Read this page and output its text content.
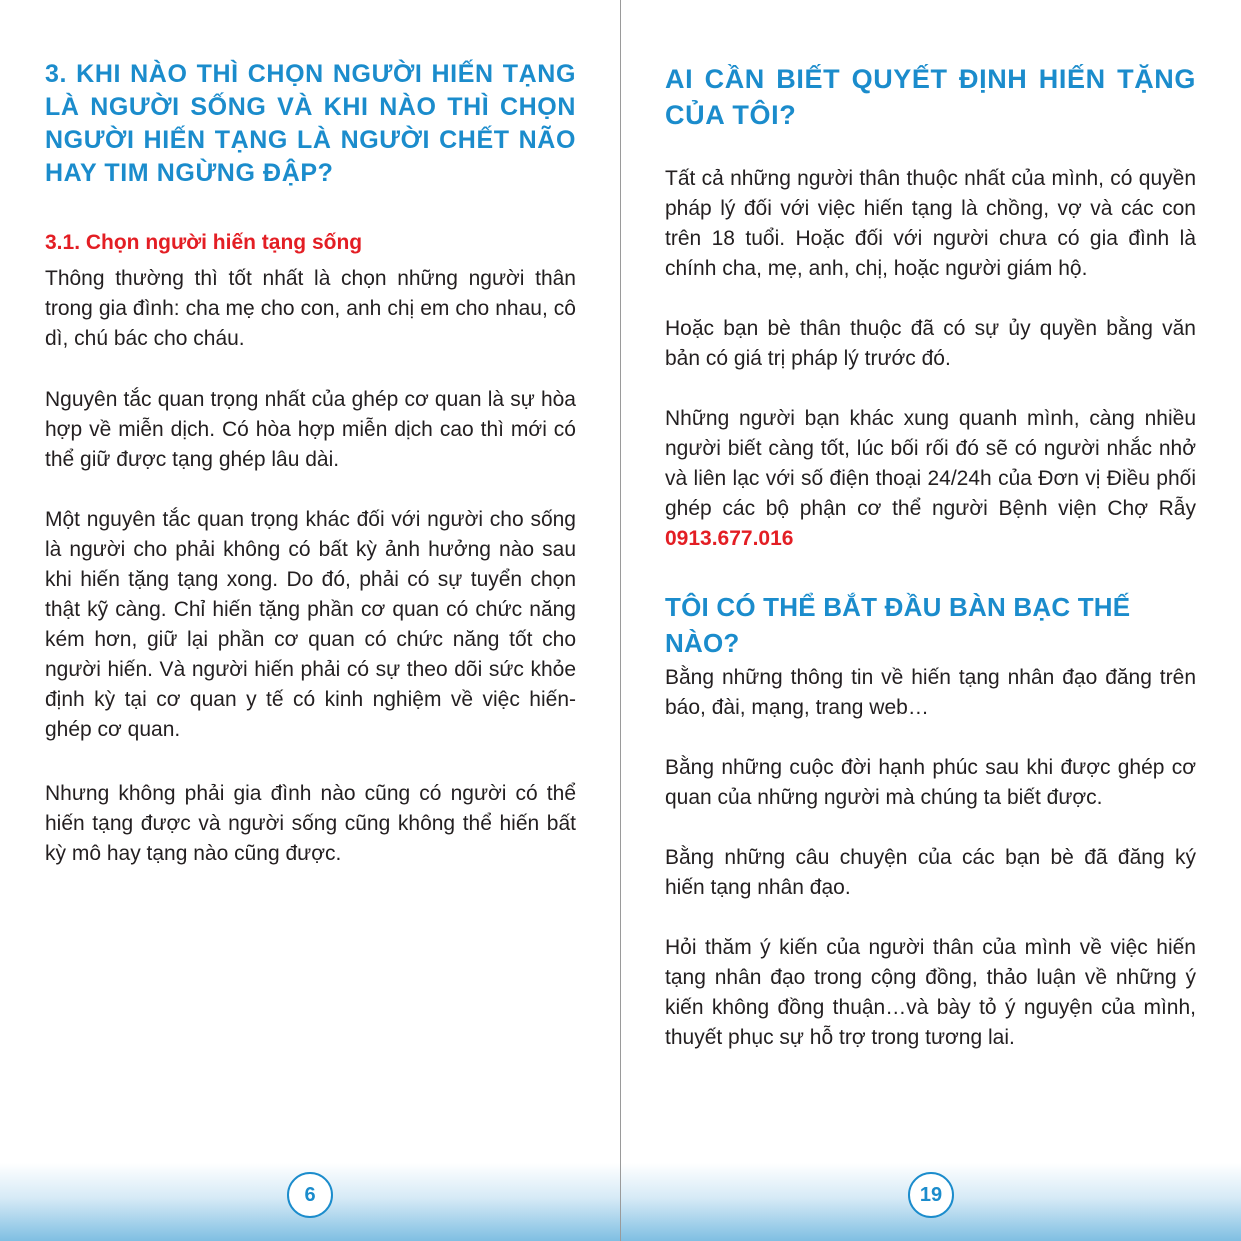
3. KHI NÀO THÌ CHỌN NGƯỜI HIẾN TẠNG LÀ NGƯỜI SỐNG VÀ KHI NÀO THÌ CHỌN NGƯỜI HIẾN TẠNG LÀ NGƯỜI CHẾT NÃO HAY TIM NGỪNG ĐẬP?
3.1. Chọn người hiến tạng sống

Thông thường thì tốt nhất là chọn những người thân trong gia đình: cha mẹ cho con, anh chị em cho nhau, cô dì, chú bác cho cháu.

Nguyên tắc quan trọng nhất của ghép cơ quan là sự hòa hợp về miễn dịch. Có hòa hợp miễn dịch cao thì mới có thể giữ được tạng ghép lâu dài.

Một nguyên tắc quan trọng khác đối với người cho sống là người cho phải không có bất kỳ ảnh hưởng nào sau khi hiến tặng tạng xong. Do đó, phải có sự tuyển chọn thật kỹ càng. Chỉ hiến tặng phần cơ quan có chức năng kém hơn, giữ lại phần cơ quan có chức năng tốt cho người hiến. Và người hiến phải có sự theo dõi sức khỏe định kỳ tại cơ quan y tế có kinh nghiệm về việc hiến-ghép cơ quan.

Nhưng không phải gia đình nào cũng có người có thể hiến tạng được và người sống cũng không thể hiến bất kỳ mô hay tạng nào cũng được.

6
AI CẦN BIẾT QUYẾT ĐỊNH HIẾN TẶNG CỦA TÔI?

Tất cả những người thân thuộc nhất của mình, có quyền pháp lý đối với việc hiến tạng là chồng, vợ và các con trên 18 tuổi. Hoặc đối với người chưa có gia đình là chính cha, mẹ, anh, chị, hoặc người giám hộ.

Hoặc bạn bè thân thuộc đã có sự ủy quyền bằng văn bản có giá trị pháp lý trước đó.

Những người bạn khác xung quanh mình, càng nhiều người biết càng tốt, lúc bối rối đó sẽ có người nhắc nhở và liên lạc với số điện thoại 24/24h của Đơn vị Điều phối ghép các bộ phận cơ thể người Bệnh viện Chợ Rẫy 0913.677.016

TÔI CÓ THỂ BẮT ĐẦU BÀN BẠC THẾ NÀO?

Bằng những thông tin về hiến tạng nhân đạo đăng trên báo, đài, mạng, trang web…

Bằng những cuộc đời hạnh phúc sau khi được ghép cơ quan của những người mà chúng ta biết được.

Bằng những câu chuyện của các bạn bè đã đăng ký hiến tạng nhân đạo.

Hỏi thăm ý kiến của người thân của mình về việc hiến tạng nhân đạo trong cộng đồng, thảo luận về những ý kiến không đồng thuận…và bày tỏ ý nguyện của mình, thuyết phục sự hỗ trợ trong tương lai.

19
